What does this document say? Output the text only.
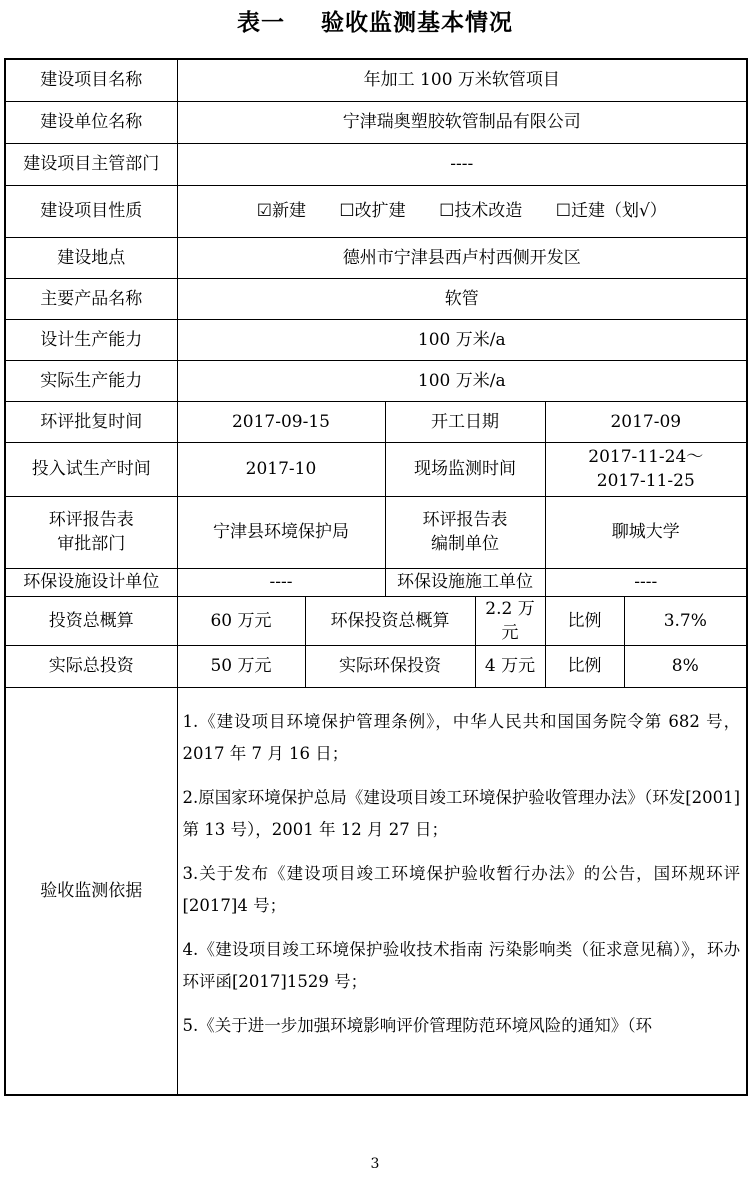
表一    验收监测基本情况
建设项目名称	年加工 100 万米软管项目					
建设单位名称	宁津瑞奥塑胶软管制品有限公司					
建设项目主管部门	----					
建设项目性质	☑新建 ☐改扩建 ☐技术改造 ☐迁建（划√）					
建设地点	德州市宁津县西卢村西侧开发区					
主要产品名称	软管					
设计生产能力	100 万米/a					
实际生产能力	100 万米/a					
环评批复时间	2017-09-15		开工日期		2017-09	
投入试生产时间	2017-10		现场监测时间		2017-11-24～
2017-11-25	
环评报告表
审批部门	宁津县环境保护局		环评报告表
编制单位		聊城大学	
环保设施设计单位	----		环保设施施工单位		----	
投资总概算	60 万元	环保投资总概算		2.2 万元	比例	3.7%
实际总投资	50 万元	实际环保投资		4 万元	比例	8%
验收监测依据	1.《建设项目环境保护管理条例》，中华人民共和国国务院令第 682 号，2017 年 7 月 16 日；

2.原国家环境保护总局《建设项目竣工环境保护验收管理办法》（环发[2001]第 13 号），2001 年 12 月 27 日；

3.关于发布《建设项目竣工环境保护验收暂行办法》的公告，国环规环评[2017]4 号；

4.《建设项目竣工环境保护验收技术指南 污染影响类（征求意见稿）》，环办环评函[2017]1529 号；

5.《关于进一步加强环境影响评价管理防范环境风险的通知》（环					

3
